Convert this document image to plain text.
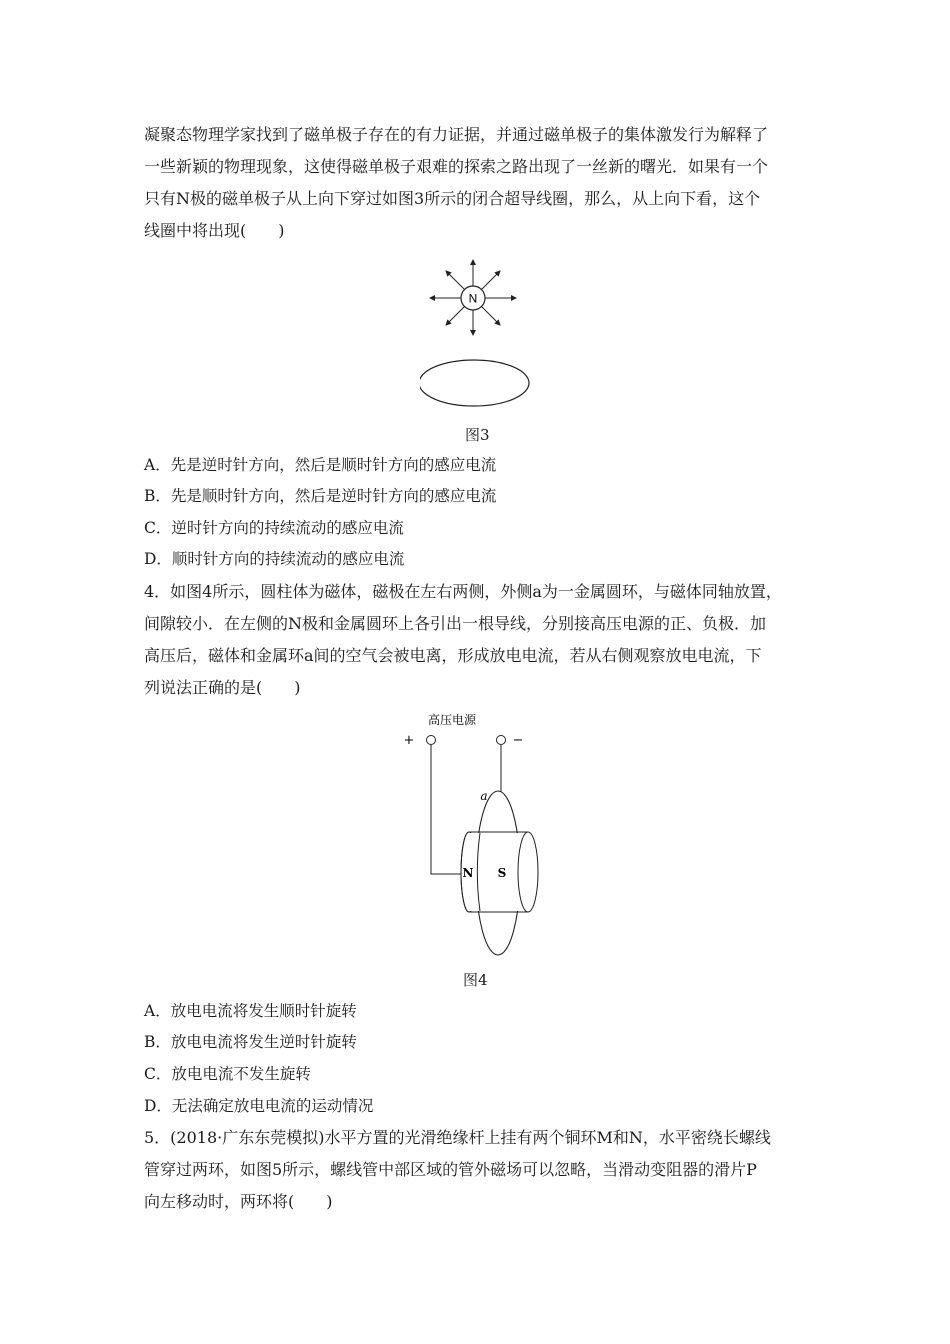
凝聚态物理学家找到了磁单极子存在的有力证据，并通过磁单极子的集体激发行为解释了
一些新颖的物理现象，这使得磁单极子艰难的探索之路出现了一丝新的曙光．如果有一个
只有N极的磁单极子从上向下穿过如图3所示的闭合超导线圈，那么，从上向下看，这个
线圈中将出现(　　)
N
图3
A．先是逆时针方向，然后是顺时针方向的感应电流
B．先是顺时针方向，然后是逆时针方向的感应电流
C．逆时针方向的持续流动的感应电流
D．顺时针方向的持续流动的感应电流
4．如图4所示，圆柱体为磁体，磁极在左右两侧，外侧a为一金属圆环，与磁体同轴放置，
间隙较小．在左侧的N极和金属圆环上各引出一根导线，分别接高压电源的正、负极．加
高压后，磁体和金属环a间的空气会被电离，形成放电电流，若从右侧观察放电电流，下
列说法正确的是(　　)
高压电源
+	−
a
N S
图4
A．放电电流将发生顺时针旋转
B．放电电流将发生逆时针旋转
C．放电电流不发生旋转
D．无法确定放电电流的运动情况
5．(2018·广东东莞模拟)水平方置的光滑绝缘杆上挂有两个铜环M和N，水平密绕长螺线
管穿过两环，如图5所示，螺线管中部区域的管外磁场可以忽略，当滑动变阻器的滑片P
向左移动时，两环将(　　)
